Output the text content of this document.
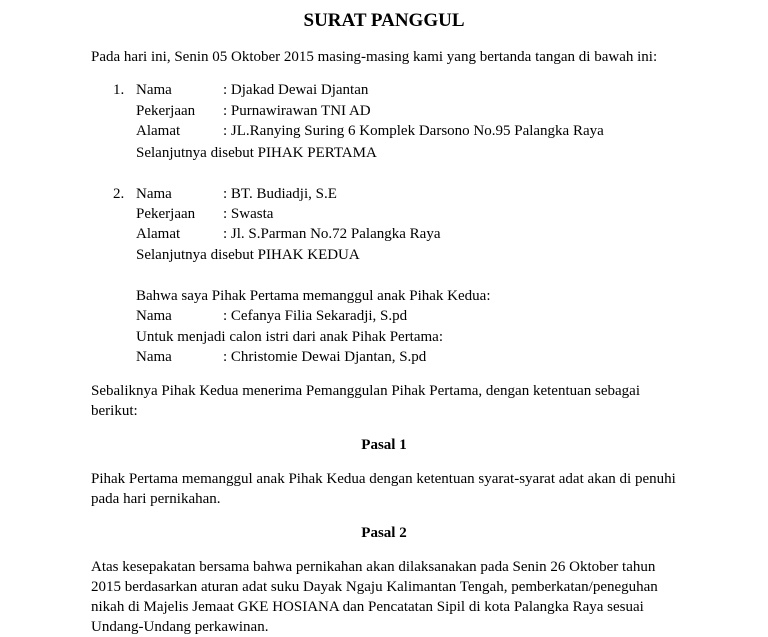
SURAT PANGGUL
Pada hari ini, Senin 05 Oktober 2015 masing-masing kami yang bertanda tangan di bawah ini:
1. Nama	: Djakad Dewai Djantan
Pekerjaan : Purnawirawan TNI AD
Alamat	: JL.Ranying Suring 6 Komplek Darsono No.95 Palangka Raya
Selanjutnya disebut PIHAK PERTAMA
2. Nama	: BT. Budiadji, S.E
Pekerjaan : Swasta
Alamat	: Jl. S.Parman No.72 Palangka Raya
Selanjutnya disebut PIHAK KEDUA
Bahwa saya Pihak Pertama memanggul anak Pihak Kedua:
Nama	: Cefanya Filia Sekaradji, S.pd
Untuk menjadi calon istri dari anak Pihak Pertama:
Nama	: Christomie Dewai Djantan, S.pd
Sebaliknya Pihak Kedua menerima Pemanggulan Pihak Pertama, dengan ketentuan sebagai
berikut:
Pasal 1
Pihak Pertama memanggul anak Pihak Kedua dengan ketentuan syarat-syarat adat akan di penuhi
pada hari pernikahan.
Pasal 2
Atas kesepakatan bersama bahwa pernikahan akan dilaksanakan pada Senin 26 Oktober tahun
2015 berdasarkan aturan adat suku Dayak Ngaju Kalimantan Tengah, pemberkatan/peneguhan
nikah di Majelis Jemaat GKE HOSIANA dan Pencatatan Sipil di kota Palangka Raya sesuai
Undang-Undang perkawinan.
